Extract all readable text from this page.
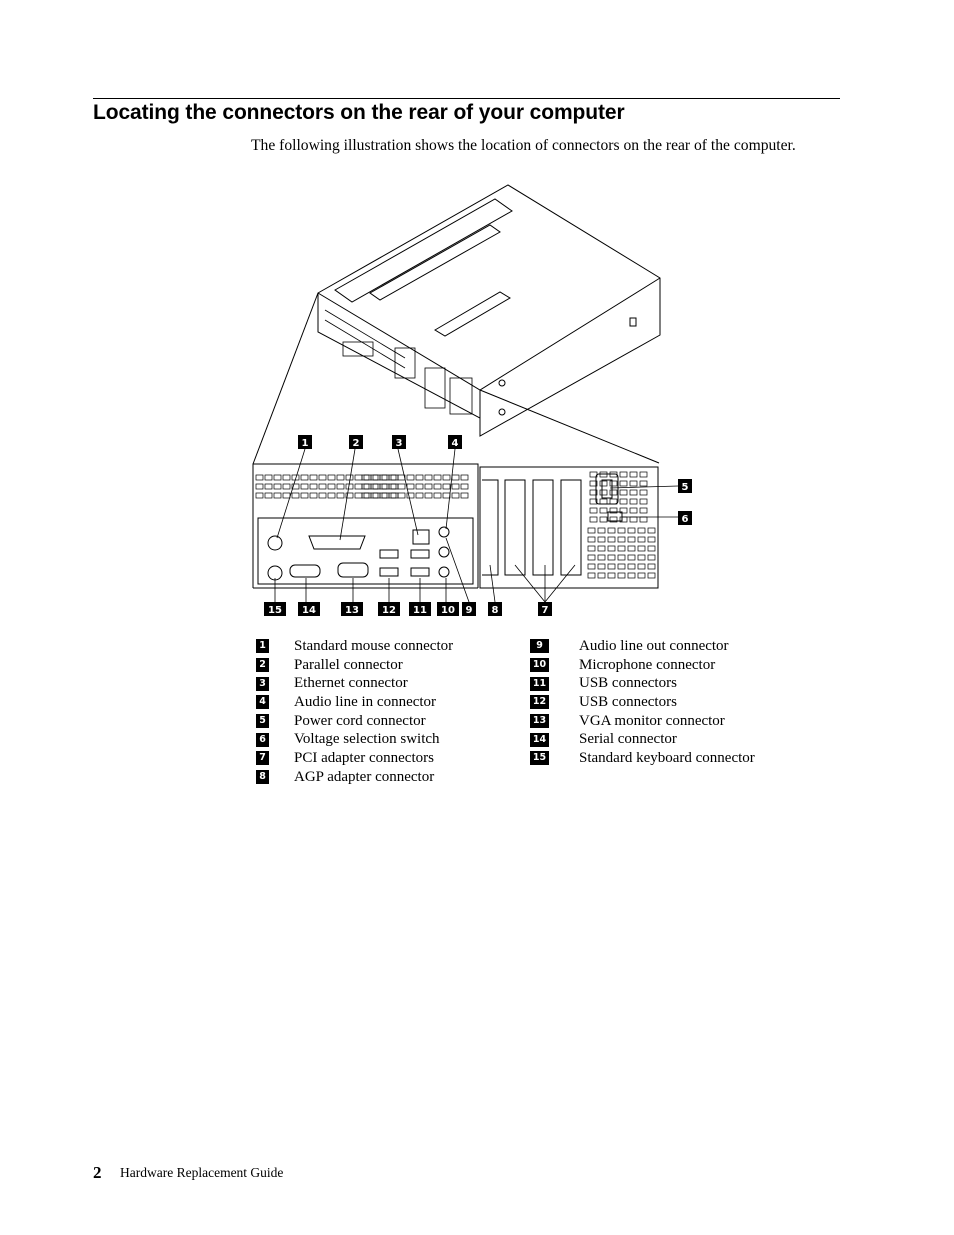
Locating the connectors on the rear of your computer

The following illustration shows the location of connectors on the rear of the computer.

1	2	3	4
5
6
15 14	13 12 11 10 9 8	7
1 Standard mouse connector
2 Parallel connector
3 Ethernet connector
4 Audio line in connector
5 Power cord connector
6 Voltage selection switch
7 PCI adapter connectors
8 AGP adapter connector
9	Audio line out connector
10 Microphone connector
11 USB connectors
12 USB connectors
13 VGA monitor connector
14 Serial connector
15 Standard keyboard connector
2 Hardware Replacement Guide
